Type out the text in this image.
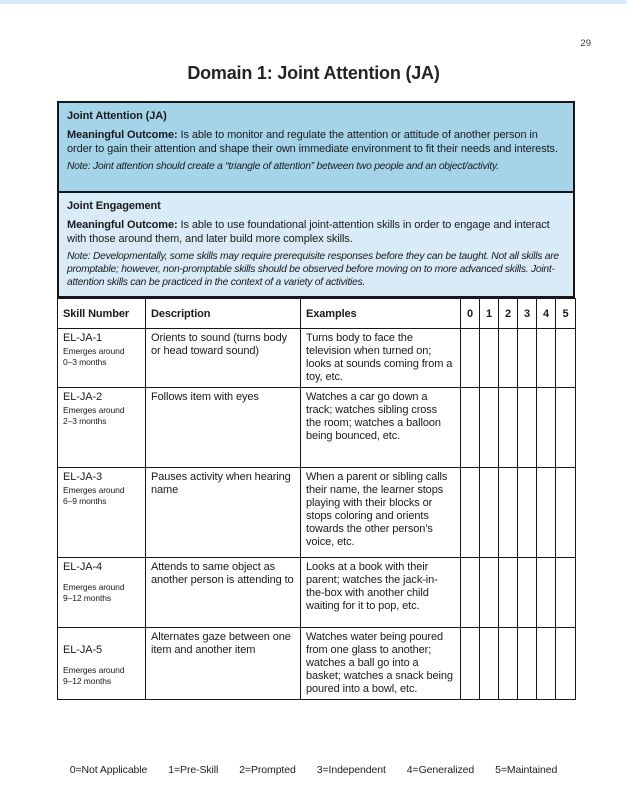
29
Domain 1: Joint Attention (JA)
Joint Attention (JA)
Meaningful Outcome: Is able to monitor and regulate the attention or attitude of another person in order to gain their attention and shape their own immediate environment to fit their needs and interests.
Note: Joint attention should create a “triangle of attention” between two people and an object/activity.
Joint Engagement
Meaningful Outcome: Is able to use foundational joint-attention skills in order to engage and interact with those around them, and later build more complex skills.
Note: Developmentally, some skills may require prerequisite responses before they can be taught. Not all skills are promptable; however, non-promptable skills should be observed before moving on to more advanced skills. Joint-attention skills can be practiced in the context of a variety of activities.
Skill Number	Description	Examples	0	1	2	3	4	5

EL-JA-1
Emerges around
0–3 months	Orients to sound (turns body or head toward sound)	Turns body to face the television when turned on; looks at sounds coming from a toy, etc.						

EL-JA-2
Emerges around
2–3 months	Follows item with eyes	Watches a car go down a track; watches sibling cross the room; watches a balloon being bounced, etc.						

EL-JA-3
Emerges around
6–9 months	Pauses activity when hearing name	When a parent or sibling calls their name, the learner stops playing with their blocks or stops coloring and orients towards the other person’s voice, etc.						

EL-JA-4
Emerges around
9–12 months	Attends to same object as another person is attending to	Looks at a book with their parent; watches the jack-in-the-box with another child waiting for it to pop, etc.						

EL-JA-5
Emerges around
9–12 months	Alternates gaze between one item and another item	Watches water being poured from one glass to another; watches a ball go into a basket; watches a snack being poured into a bowl, etc.						
0=Not Applicable 1=Pre-Skill 2=Prompted 3=Independent 4=Generalized 5=Maintained
